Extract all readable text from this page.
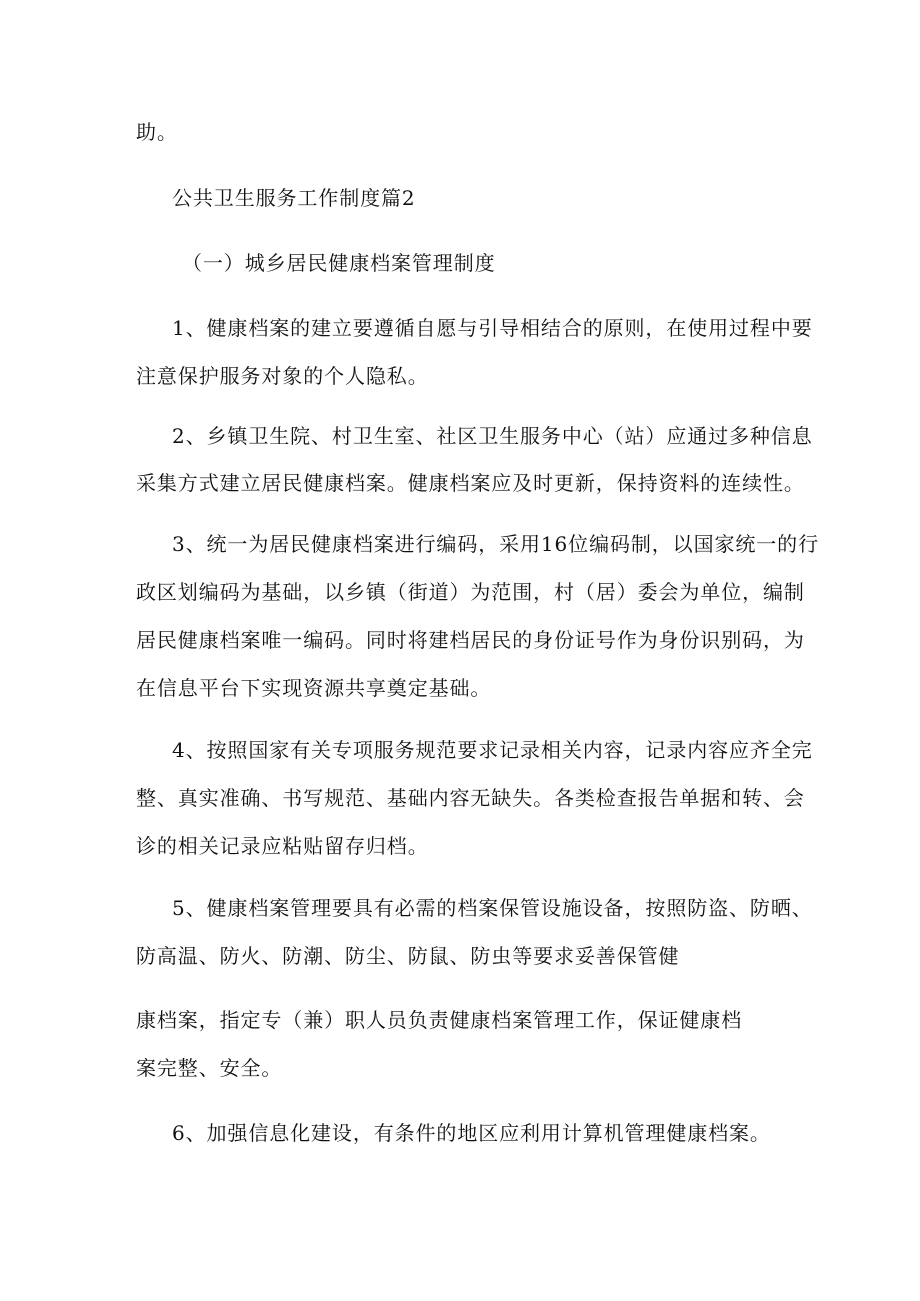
助。

公共卫生服务工作制度篇2

（一）城乡居民健康档案管理制度

1、健康档案的建立要遵循自愿与引导相结合的原则，在使用过程中要

注意保护服务对象的个人隐私。

2、乡镇卫生院、村卫生室、社区卫生服务中心（站）应通过多种信息

采集方式建立居民健康档案。健康档案应及时更新，保持资料的连续性。

3、统一为居民健康档案进行编码，采用16位编码制，以国家统一的行

政区划编码为基础，以乡镇（街道）为范围，村（居）委会为单位，编制

居民健康档案唯一编码。同时将建档居民的身份证号作为身份识别码，为

在信息平台下实现资源共享奠定基础。

4、按照国家有关专项服务规范要求记录相关内容，记录内容应齐全完

整、真实准确、书写规范、基础内容无缺失。各类检查报告单据和转、会

诊的相关记录应粘贴留存归档。

5、健康档案管理要具有必需的档案保管设施设备，按照防盗、防晒、

防高温、防火、防潮、防尘、防鼠、防虫等要求妥善保管健

康档案，指定专（兼）职人员负责健康档案管理工作，保证健康档

案完整、安全。

6、加强信息化建设，有条件的地区应利用计算机管理健康档案。
